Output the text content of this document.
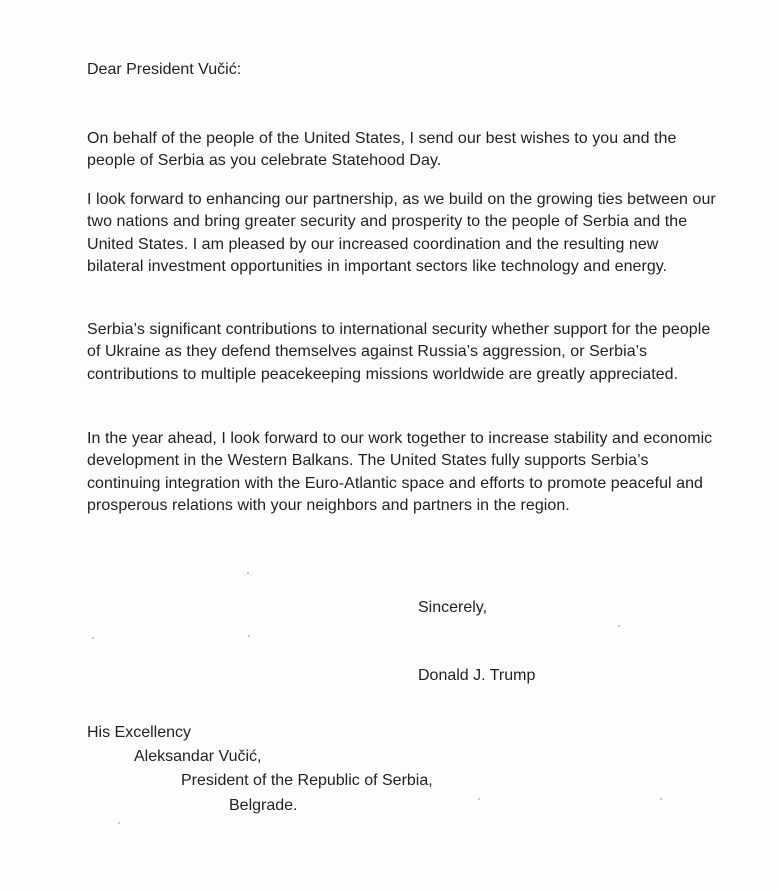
Dear President Vučić:

On behalf of the people of the United States, I send our best wishes to you and the people of Serbia as you celebrate Statehood Day.

I look forward to enhancing our partnership, as we build on the growing ties between our two nations and bring greater security and prosperity to the people of Serbia and the United States. I am pleased by our increased coordination and the resulting new bilateral investment opportunities in important sectors like technology and energy.

Serbia’s significant contributions to international security whether support for the people of Ukraine as they defend themselves against Russia’s aggression, or Serbia’s contributions to multiple peacekeeping missions worldwide are greatly appreciated.

In the year ahead, I look forward to our work together to increase stability and economic development in the Western Balkans. The United States fully supports Serbia’s continuing integration with the Euro-Atlantic space and efforts to promote peaceful and prosperous relations with your neighbors and partners in the region.

Sincerely,

Donald J. Trump

His Excellency

Aleksandar Vučić,

President of the Republic of Serbia,

Belgrade.
